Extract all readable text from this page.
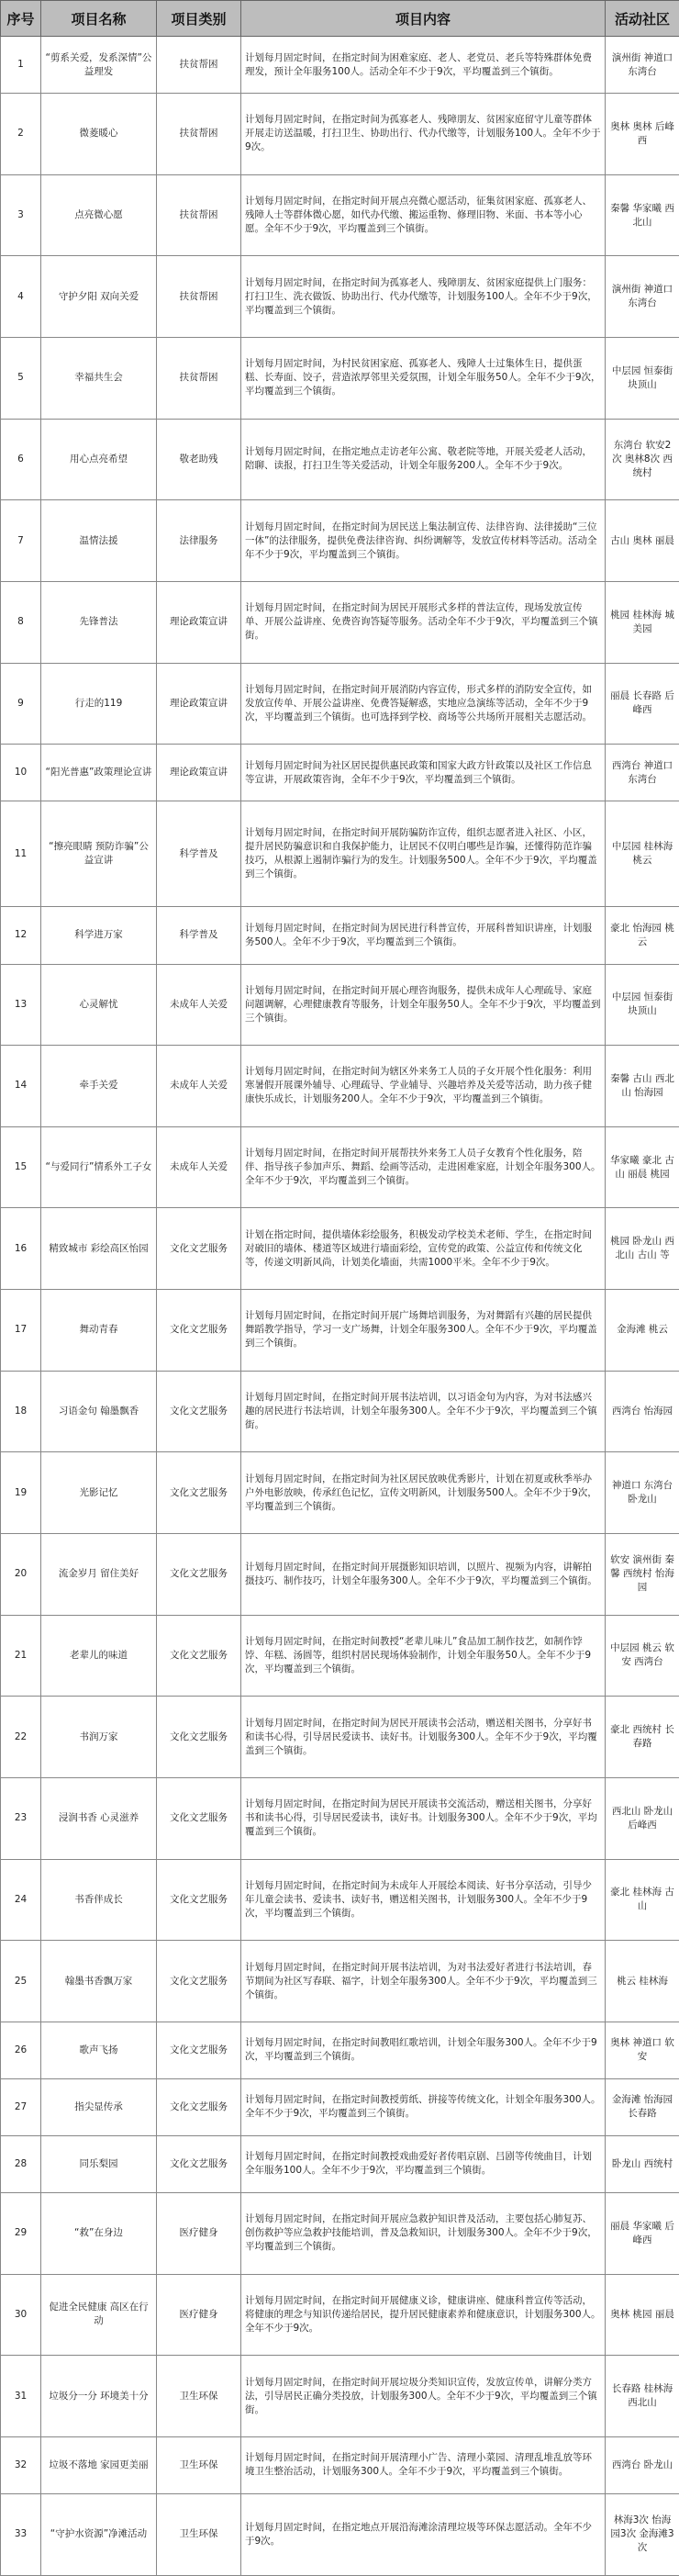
序号	项目名称	项目类别	项目内容	活动社区
1	“剪系关爱，发系深情”公益理发	扶贫帮困	计划每月固定时间，在指定时间为困难家庭、老人、老党员、老兵等特殊群体免费理发，预计全年服务100人。活动全年不少于9次，平均覆盖到三个镇街。	演州街 神道口 东湾台
2	微菱暖心	扶贫帮困	计划每月固定时间，在指定时间为孤寡老人、残障朋友、贫困家庭留守儿童等群体开展走访送温暖，打扫卫生、协助出行、代办代缴等，计划服务100人。全年不少于9次。	奥林 奥林 后峰西
3	点亮微心愿	扶贫帮困	计划每月固定时间，在指定时间开展点亮微心愿活动，征集贫困家庭、孤寡老人、残障人士等群体微心愿，如代办代缴、搬运重物、修理旧物、米面、书本等小心愿。全年不少于9次，平均覆盖到三个镇街。	秦馨 华家曦 西北山
4	守护夕阳 双向关爱	扶贫帮困	计划每月固定时间，在指定时间为孤寡老人、残障朋友、贫困家庭提供上门服务：打扫卫生、洗衣做饭、协助出行、代办代缴等，计划服务100人。全年不少于9次，平均覆盖到三个镇街。	演州街 神道口 东湾台
5	幸福共生会	扶贫帮困	计划每月固定时间，为村民贫困家庭、孤寡老人、残障人士过集体生日，提供蛋糕、长寿面、饺子，营造浓厚邻里关爱氛围，计划全年服务50人。全年不少于9次，平均覆盖到三个镇街。	中层园 恒泰街 块顶山
6	用心点亮希望	敬老助残	计划每月固定时间，在指定地点走访老年公寓、敬老院等地，开展关爱老人活动，陪聊、读报，打扫卫生等关爱活动，计划全年服务200人。全年不少于9次。	东湾台 软安2次 奥林8次 西统村
7	温情法援	法律服务	计划每月固定时间，在指定时间为居民送上集法制宣传、法律咨询、法律援助“三位一体”的法律服务，提供免费法律咨询、纠纷调解等，发放宣传材料等活动。活动全年不少于9次，平均覆盖到三个镇街。	古山 奥林 丽晨
8	先锋普法	理论政策宣讲	计划每月固定时间，在指定时间为居民开展形式多样的普法宣传，现场发放宣传单、开展公益讲座、免费咨询答疑等服务。活动全年不少于9次，平均覆盖到三个镇街。	桃园 桂林海 城美园
9	行走的119	理论政策宣讲	计划每月固定时间，在指定时间开展消防内容宣传，形式多样的消防安全宣传，如发放宣传单、开展公益讲座、免费答疑解惑，实地应急演练等活动，全年不少于9次，平均覆盖到三个镇街。也可选择到学校、商场等公共场所开展相关志愿活动。	丽晨 长春路 后峰西
10	“阳光普惠”政策理论宣讲	理论政策宣讲	计划每月固定时间为社区居民提供惠民政策和国家大政方针政策以及社区工作信息等宣讲，开展政策咨询，全年不少于9次，平均覆盖到三个镇街。	西湾台 神道口 东湾台
11	“擦亮眼睛 预防诈骗”公益宣讲	科学普及	计划每月固定时间，在指定时间开展防骗防诈宣传，组织志愿者进入社区、小区，提升居民防骗意识和自我保护能力，让居民不仅明白哪些是诈骗，还懂得防范诈骗技巧，从根源上遏制诈骗行为的发生。计划服务500人。全年不少于9次，平均覆盖到三个镇街。	中层园 桂林海 桃云
12	科学进万家	科学普及	计划每月固定时间，在指定时间为居民进行科普宣传，开展科普知识讲座，计划服务500人。全年不少于9次，平均覆盖到三个镇街。	豪北 怡海园 桃云
13	心灵解忧	未成年人关爱	计划每月固定时间，在指定时间开展心理咨询服务，提供未成年人心理疏导、家庭问题调解，心理健康教育等服务，计划全年服务50人。全年不少于9次，平均覆盖到三个镇街。	中层园 恒泰街 块顶山
14	牵手关爱	未成年人关爱	计划每月固定时间，在指定时间为辖区外来务工人员的子女开展个性化服务：利用寒暑假开展课外辅导、心理疏导、学业辅导、兴趣培养及关爱等活动，助力孩子健康快乐成长，计划服务200人。全年不少于9次，平均覆盖到三个镇街。	秦馨 古山 西北山 怡海园
15	“与爱同行”情系外工子女	未成年人关爱	计划每月固定时间，在指定时间开展帮扶外来务工人员子女教育个性化服务，陪伴、指导孩子参加声乐、舞蹈、绘画等活动，走进困难家庭，计划全年服务300人。全年不少于9次，平均覆盖到三个镇街。	华家曦 豪北 古山 丽晨 桃园
16	精致城市 彩绘高区怡园	文化文艺服务	计划在指定时间，提供墙体彩绘服务，积极发动学校美术老师、学生，在指定时间对破旧的墙体、楼道等区域进行墙面彩绘，宣传党的政策、公益宣传和传统文化等，传递文明新风尚，计划美化墙面，共需1000平米。全年不少于9次。	桃园 卧龙山 西北山 古山 等
17	舞动青春	文化文艺服务	计划每月固定时间，在指定时间开展广场舞培训服务，为对舞蹈有兴趣的居民提供舞蹈教学指导，学习一支广场舞，计划全年服务300人。全年不少于9次，平均覆盖到三个镇街。	金海滩 桃云
18	习语金句 翰墨飘香	文化文艺服务	计划每月固定时间，在指定时间开展书法培训，以习语金句为内容，为对书法感兴趣的居民进行书法培训，计划全年服务300人。全年不少于9次，平均覆盖到三个镇街。	西湾台 怡海园
19	光影记忆	文化文艺服务	计划每月固定时间，在指定时间为社区居民放映优秀影片，计划在初夏或秋季举办户外电影放映，传承红色记忆，宣传文明新风，计划服务500人。全年不少于9次，平均覆盖到三个镇街。	神道口 东湾台 卧龙山
20	流金岁月 留住美好	文化文艺服务	计划每月固定时间，在指定时间开展摄影知识培训，以照片、视频为内容，讲解拍摄技巧、制作技巧，计划全年服务300人。全年不少于9次，平均覆盖到三个镇街。	软安 演州街 秦馨 西统村 怡海园
21	老辈儿的味道	文化文艺服务	计划每月固定时间，在指定时间教授“老辈儿味儿”食品加工制作技艺，如制作饽饽、年糕、汤圆等，组织村居民现场体验制作，计划全年服务50人。全年不少于9次，平均覆盖到三个镇街。	中层园 桃云 软安 西湾台
22	书润万家	文化文艺服务	计划每月固定时间，在指定时间为居民开展读书会活动，赠送相关图书，分享好书和读书心得，引导居民爱读书、读好书。计划服务300人。全年不少于9次，平均覆盖到三个镇街。	豪北 西统村 长春路
23	浸润书香 心灵滋养	文化文艺服务	计划每月固定时间，在指定时间为居民开展读书交流活动，赠送相关图书，分享好书和读书心得，引导居民爱读书，读好书。计划服务300人。全年不少于9次，平均覆盖到三个镇街。	西北山 卧龙山 后峰西
24	书香伴成长	文化文艺服务	计划每月固定时间，在指定时间为未成年人开展绘本阅读、好书分享活动，引导少年儿童会读书、爱读书、读好书，赠送相关图书，计划服务300人。全年不少于9次，平均覆盖到三个镇街。	豪北 桂林海 古山
25	翰墨书香飘万家	文化文艺服务	计划每月固定时间，在指定时间开展书法培训，为对书法爱好者进行书法培训，春节期间为社区写春联、福字，计划全年服务300人。全年不少于9次，平均覆盖到三个镇街。	桃云 桂林海
26	歌声飞扬	文化文艺服务	计划每月固定时间，在指定时间教唱红歌培训，计划全年服务300人。全年不少于9次，平均覆盖到三个镇街。	奥林 神道口 软安
27	指尖显传承	文化文艺服务	计划每月固定时间，在指定时间教授剪纸、拼接等传统文化，计划全年服务300人。全年不少于9次，平均覆盖到三个镇街。	金海滩 怡海园 长春路
28	同乐梨园	文化文艺服务	计划每月固定时间，在指定时间教授戏曲爱好者传唱京剧、吕剧等传统曲目，计划全年服务100人。全年不少于9次，平均覆盖到三个镇街。	卧龙山 西统村
29	“救”在身边	医疗健身	计划每月固定时间，在指定时间开展应急救护知识普及活动，主要包括心肺复苏、创伤救护等应急救护技能培训，普及急救知识，计划服务300人。全年不少于9次，平均覆盖到三个镇街。	丽晨 华家曦 后峰西
30	促进全民健康 高区在行动	医疗健身	计划每月固定时间，在指定时间开展健康义诊，健康讲座、健康科普宣传等活动，将健康的理念与知识传递给居民，提升居民健康素养和健康意识，计划服务300人。全年不少于9次。	奥林 桃园 丽晨
31	垃圾分一分 环境美十分	卫生环保	计划每月固定时间，在指定时间开展垃圾分类知识宣传，发放宣传单，讲解分类方法，引导居民正确分类投放，计划服务300人。全年不少于9次，平均覆盖到三个镇街。	长春路 桂林海 西北山
32	垃圾不落地 家园更美丽	卫生环保	计划每月固定时间，在指定时间开展清理小广告、清理小菜园、清理乱堆乱放等环境卫生整治活动，计划服务300人。全年不少于9次，平均覆盖到三个镇街。	西湾台 卧龙山
33	“守护水资源”净滩活动	卫生环保	计划每月固定时间，在指定地点开展沿海滩涂清理垃圾等环保志愿活动。全年不少于9次。	林海3次 怡海园3次 金海滩3次
